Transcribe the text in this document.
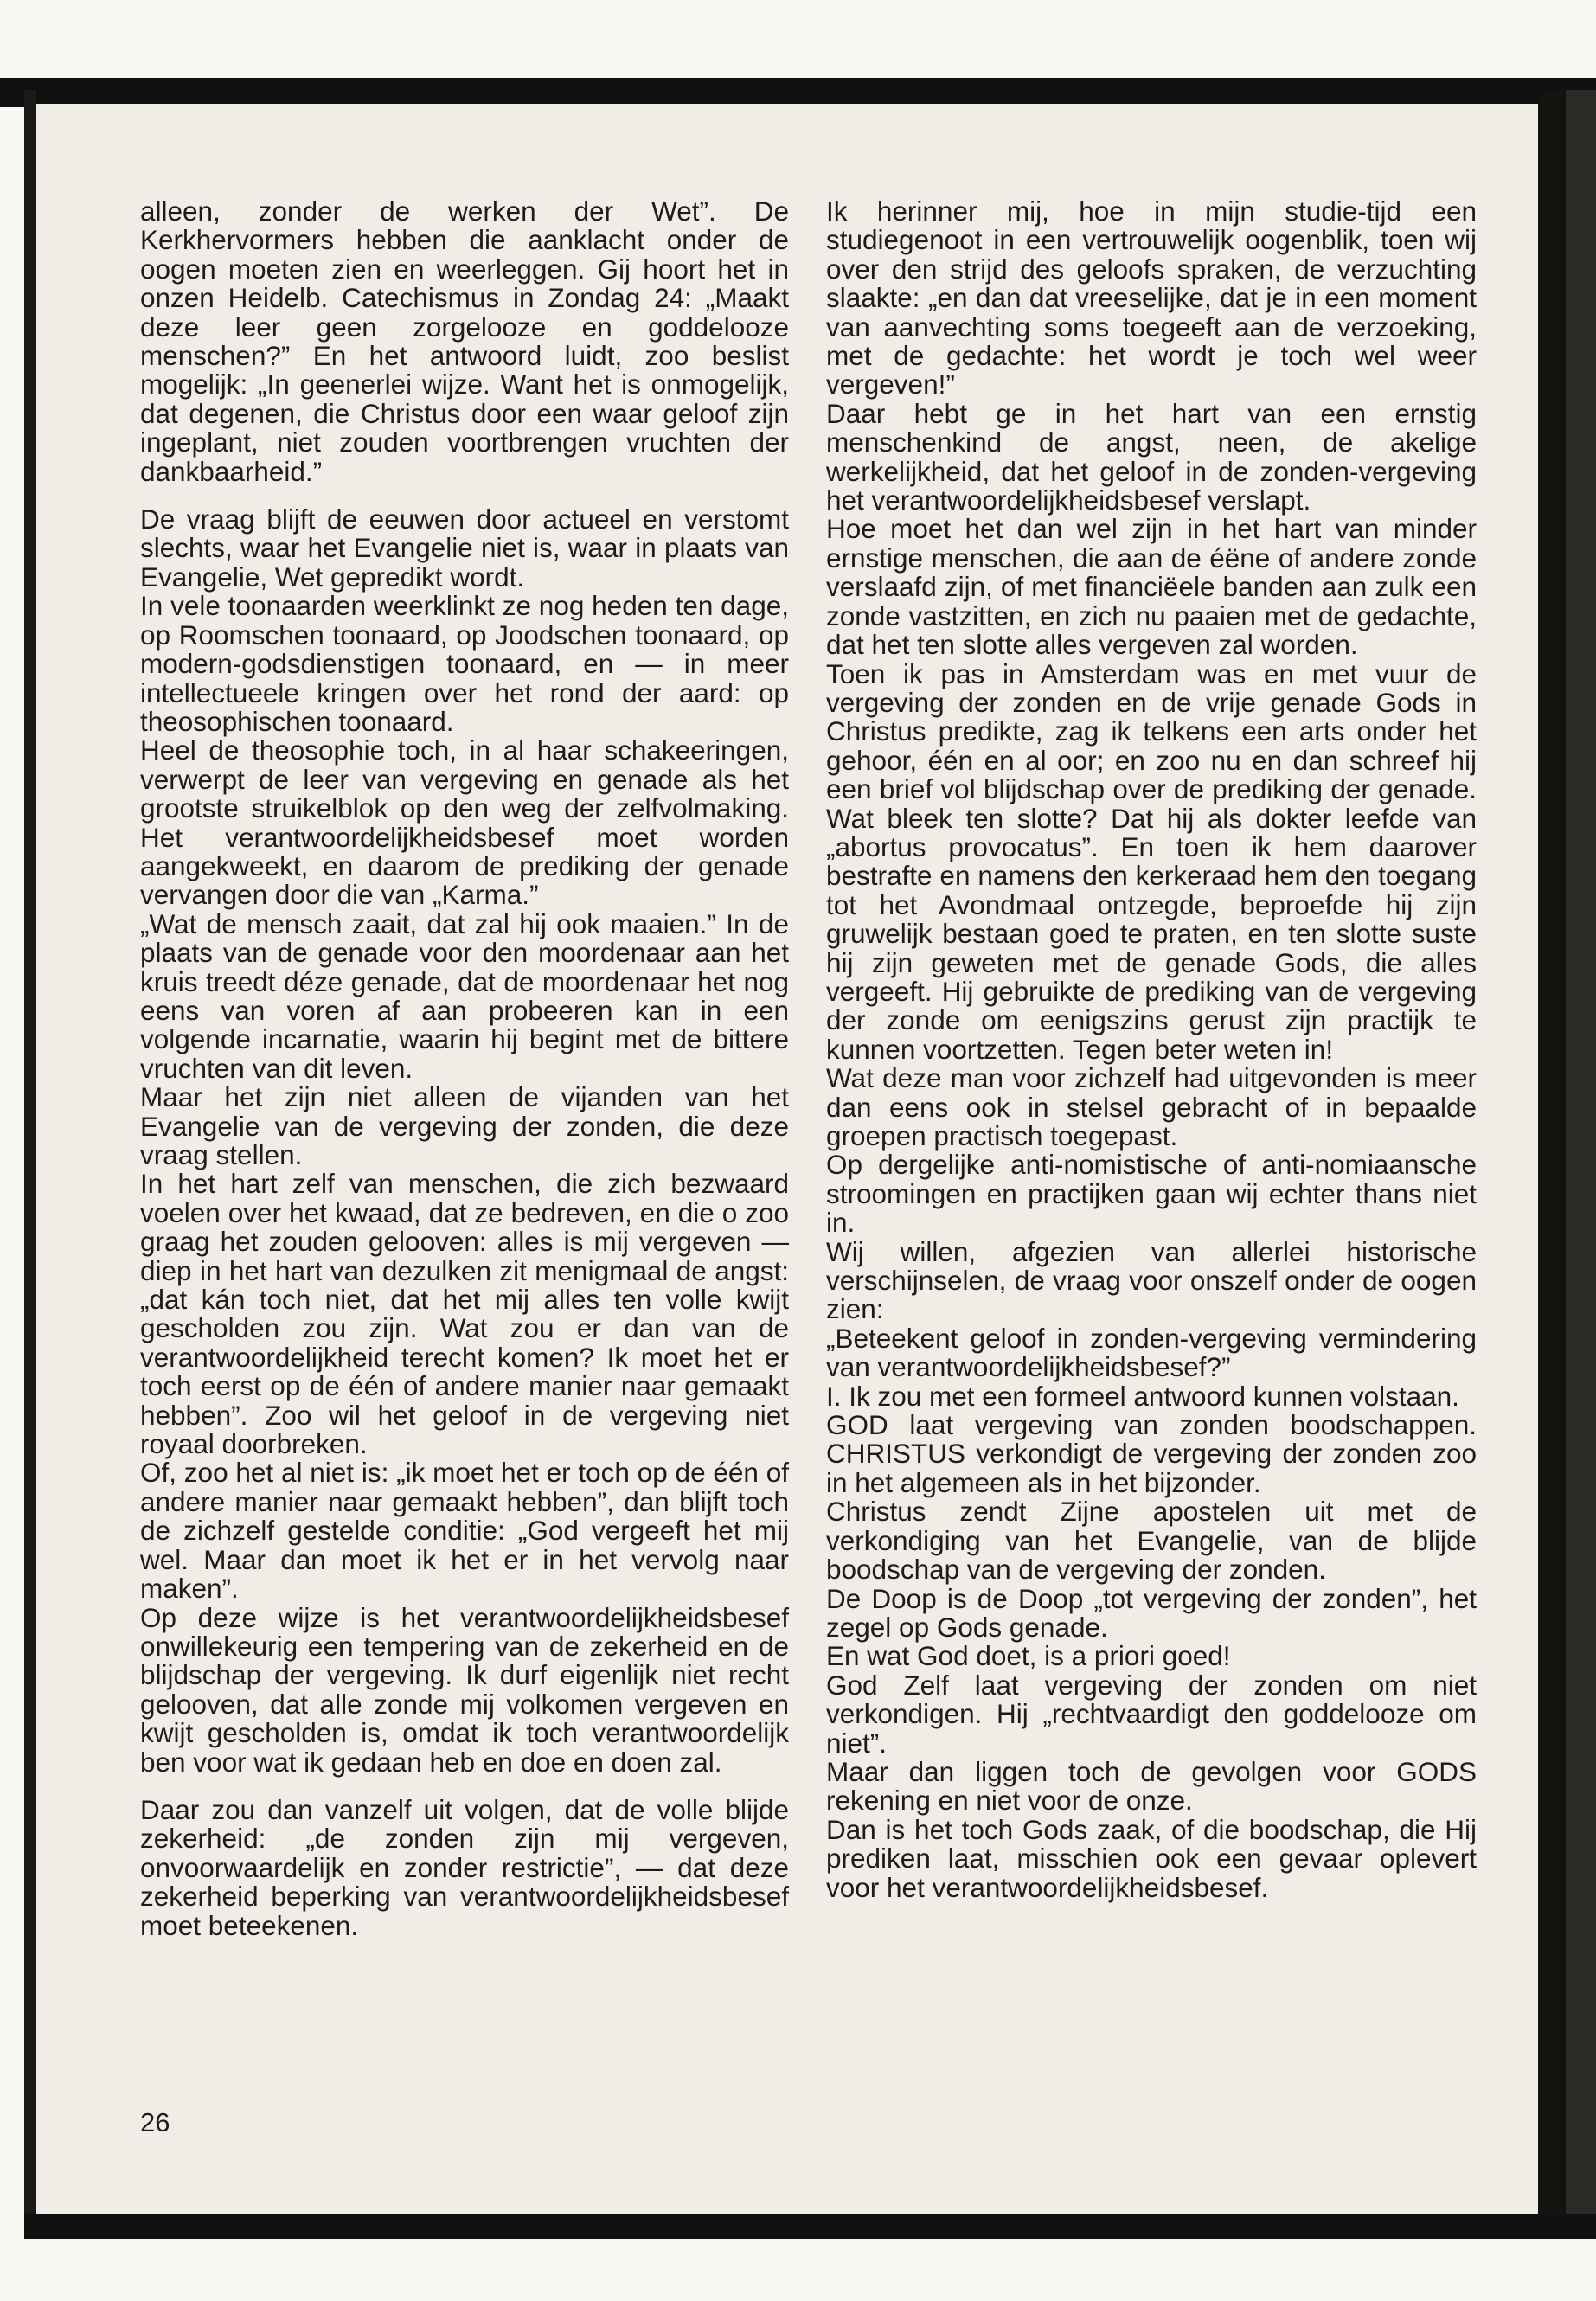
alleen, zonder de werken der Wet”. De Kerkhervormers hebben die aanklacht onder de oogen moeten zien en weerleggen. Gij hoort het in onzen Heidelb. Catechismus in Zondag 24: „Maakt deze leer geen zorgelooze en goddelooze menschen?” En het antwoord luidt, zoo beslist mogelijk: „In geenerlei wijze. Want het is onmogelijk, dat degenen, die Christus door een waar geloof zijn ingeplant, niet zouden voortbrengen vruchten der dankbaarheid.”

De vraag blijft de eeuwen door actueel en verstomt slechts, waar het Evangelie niet is, waar in plaats van Evangelie, Wet gepredikt wordt.

In vele toonaarden weerklinkt ze nog heden ten dage, op Roomschen toonaard, op Joodschen toonaard, op modern-godsdienstigen toonaard, en — in meer intellectueele kringen over het rond der aard: op theosophischen toonaard.

Heel de theosophie toch, in al haar schakeeringen, verwerpt de leer van vergeving en genade als het grootste struikelblok op den weg der zelfvolmaking. Het verantwoordelijkheidsbesef moet worden aangekweekt, en daarom de prediking der genade vervangen door die van „Karma.”

„Wat de mensch zaait, dat zal hij ook maaien.” In de plaats van de genade voor den moordenaar aan het kruis treedt déze genade, dat de moordenaar het nog eens van voren af aan probeeren kan in een volgende incarnatie, waarin hij begint met de bittere vruchten van dit leven.

Maar het zijn niet alleen de vijanden van het Evangelie van de vergeving der zonden, die deze vraag stellen.

In het hart zelf van menschen, die zich bezwaard voelen over het kwaad, dat ze bedreven, en die o zoo graag het zouden gelooven: alles is mij vergeven — diep in het hart van dezulken zit menigmaal de angst: „dat kán toch niet, dat het mij alles ten volle kwijt gescholden zou zijn. Wat zou er dan van de verantwoordelijkheid terecht komen? Ik moet het er toch eerst op de één of andere manier naar gemaakt hebben”. Zoo wil het geloof in de vergeving niet royaal doorbreken.

Of, zoo het al niet is: „ik moet het er toch op de één of andere manier naar gemaakt hebben”, dan blijft toch de zichzelf gestelde conditie: „God vergeeft het mij wel. Maar dan moet ik het er in het vervolg naar maken”.

Op deze wijze is het verantwoordelijkheidsbesef onwillekeurig een tempering van de zekerheid en de blijdschap der vergeving. Ik durf eigenlijk niet recht gelooven, dat alle zonde mij volkomen vergeven en kwijt gescholden is, omdat ik toch verantwoordelijk ben voor wat ik gedaan heb en doe en doen zal.

Daar zou dan vanzelf uit volgen, dat de volle blijde zekerheid: „de zonden zijn mij vergeven, onvoorwaardelijk en zonder restrictie”, — dat deze zekerheid beperking van verantwoordelijkheidsbesef moet beteekenen.

Ik herinner mij, hoe in mijn studie-tijd een studiegenoot in een vertrouwelijk oogenblik, toen wij over den strijd des geloofs spraken, de verzuchting slaakte: „en dan dat vreeselijke, dat je in een moment van aanvechting soms toegeeft aan de verzoeking, met de gedachte: het wordt je toch wel weer vergeven!”

Daar hebt ge in het hart van een ernstig menschenkind de angst, neen, de akelige werkelijkheid, dat het geloof in de zonden-vergeving het verantwoordelijkheidsbesef verslapt.

Hoe moet het dan wel zijn in het hart van minder ernstige menschen, die aan de éëne of andere zonde verslaafd zijn, of met financiëele banden aan zulk een zonde vastzitten, en zich nu paaien met de gedachte, dat het ten slotte alles vergeven zal worden.

Toen ik pas in Amsterdam was en met vuur de vergeving der zonden en de vrije genade Gods in Christus predikte, zag ik telkens een arts onder het gehoor, één en al oor; en zoo nu en dan schreef hij een brief vol blijdschap over de prediking der genade. Wat bleek ten slotte? Dat hij als dokter leefde van „abortus provocatus”. En toen ik hem daarover bestrafte en namens den kerkeraad hem den toegang tot het Avondmaal ontzegde, beproefde hij zijn gruwelijk bestaan goed te praten, en ten slotte suste hij zijn geweten met de genade Gods, die alles vergeeft. Hij gebruikte de prediking van de vergeving der zonde om eenigszins gerust zijn practijk te kunnen voortzetten. Tegen beter weten in!

Wat deze man voor zichzelf had uitgevonden is meer dan eens ook in stelsel gebracht of in bepaalde groepen practisch toegepast.

Op dergelijke anti-nomistische of anti-nomiaansche stroomingen en practijken gaan wij echter thans niet in.

Wij willen, afgezien van allerlei historische verschijnselen, de vraag voor onszelf onder de oogen zien:

„Beteekent geloof in zonden-vergeving vermindering van verantwoordelijkheidsbesef?”

I. Ik zou met een formeel antwoord kunnen volstaan.

GOD laat vergeving van zonden boodschappen. CHRISTUS verkondigt de vergeving der zonden zoo in het algemeen als in het bijzonder.

Christus zendt Zijne apostelen uit met de verkondiging van het Evangelie, van de blijde boodschap van de vergeving der zonden.

De Doop is de Doop „tot vergeving der zonden”, het zegel op Gods genade.

En wat God doet, is a priori goed!

God Zelf laat vergeving der zonden om niet verkondigen. Hij „rechtvaardigt den goddelooze om niet”.

Maar dan liggen toch de gevolgen voor GODS rekening en niet voor de onze.

Dan is het toch Gods zaak, of die boodschap, die Hij prediken laat, misschien ook een gevaar oplevert voor het verantwoordelijkheidsbesef.

26
